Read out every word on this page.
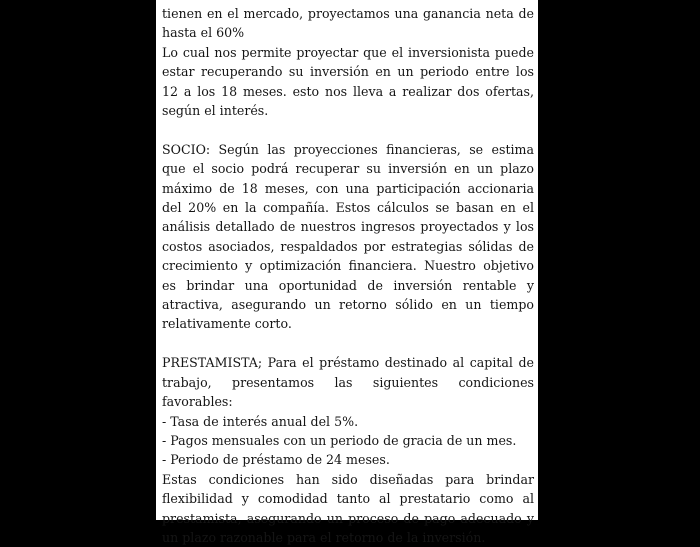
tienen en el mercado, proyectamos una ganancia neta de hasta el 60%

Lo cual nos permite proyectar que el inversionista puede estar recuperando su inversión en un periodo entre los 12 a los 18 meses. esto nos lleva a realizar dos ofertas, según el interés.

SOCIO: Según las proyecciones financieras, se estima que el socio podrá recuperar su inversión en un plazo máximo de 18 meses, con una participación accionaria del 20% en la compañía. Estos cálculos se basan en el análisis detallado de nuestros ingresos proyectados y los costos asociados, respaldados por estrategias sólidas de crecimiento y optimización financiera. Nuestro objetivo es brindar una oportunidad de inversión rentable y atractiva, asegurando un retorno sólido en un tiempo relativamente corto.

PRESTAMISTA; Para el préstamo destinado al capital de trabajo, presentamos las siguientes condiciones favorables:

- Tasa de interés anual del 5%.

- Pagos mensuales con un periodo de gracia de un mes.

- Periodo de préstamo de 24 meses.

Estas condiciones han sido diseñadas para brindar flexibilidad y comodidad tanto al prestatario como al prestamista, asegurando un proceso de pago adecuado y un plazo razonable para el retorno de la inversión.
